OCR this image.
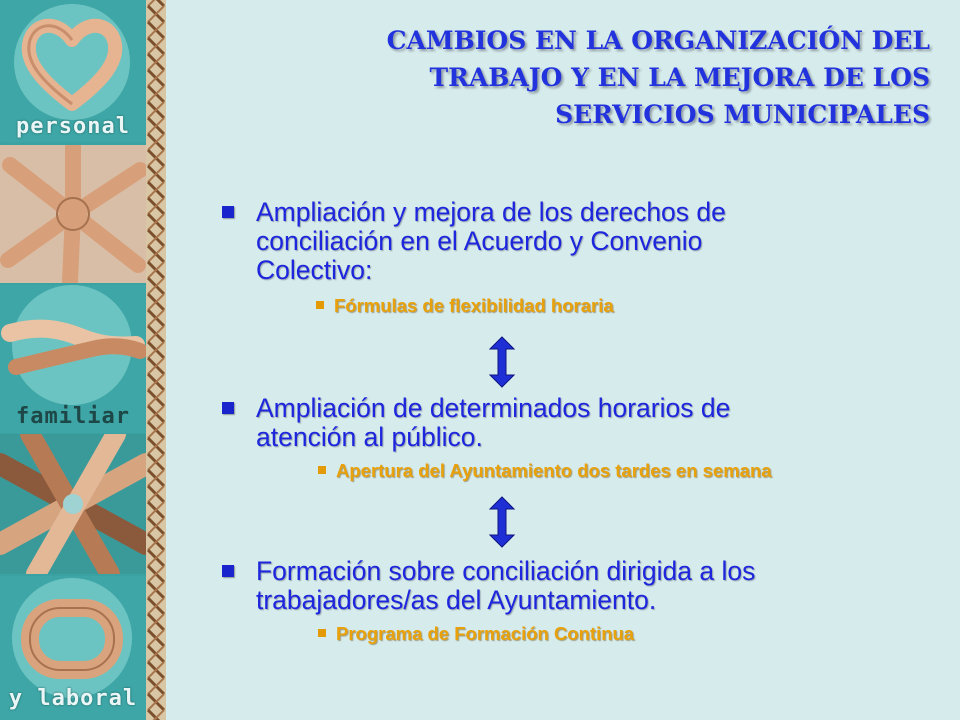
personal
familiar
y laboral
CAMBIOS EN LA ORGANIZACIÓN DEL
TRABAJO Y EN LA MEJORA DE LOS
SERVICIOS MUNICIPALES
Ampliación y mejora de los derechos de
conciliación en el Acuerdo y Convenio
Colectivo:
Fórmulas de flexibilidad horaria
Ampliación de determinados horarios de
atención al público.
Apertura del Ayuntamiento dos tardes en semana
Formación sobre conciliación dirigida a los
trabajadores/as del Ayuntamiento.
Programa de Formación Continua
